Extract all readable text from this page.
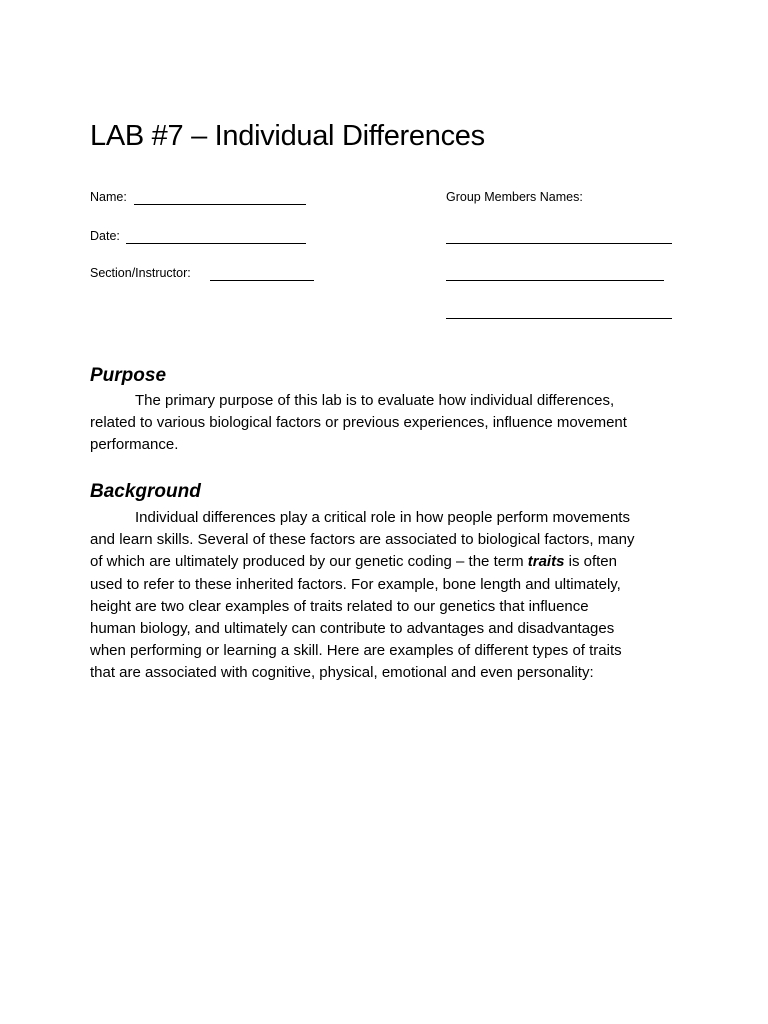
LAB #7 – Individual Differences
Name:
Date:
Section/Instructor:
Group Members Names:
Purpose
The primary purpose of this lab is to evaluate how individual differences,
related to various biological factors or previous experiences, influence movement
performance.
Background
Individual differences play a critical role in how people perform movements
and learn skills. Several of these factors are associated to biological factors, many
of which are ultimately produced by our genetic coding – the term traits is often
used to refer to these inherited factors. For example, bone length and ultimately,
height are two clear examples of traits related to our genetics that influence
human biology, and ultimately can contribute to advantages and disadvantages
when performing or learning a skill. Here are examples of different types of traits
that are associated with cognitive, physical, emotional and even personality:
